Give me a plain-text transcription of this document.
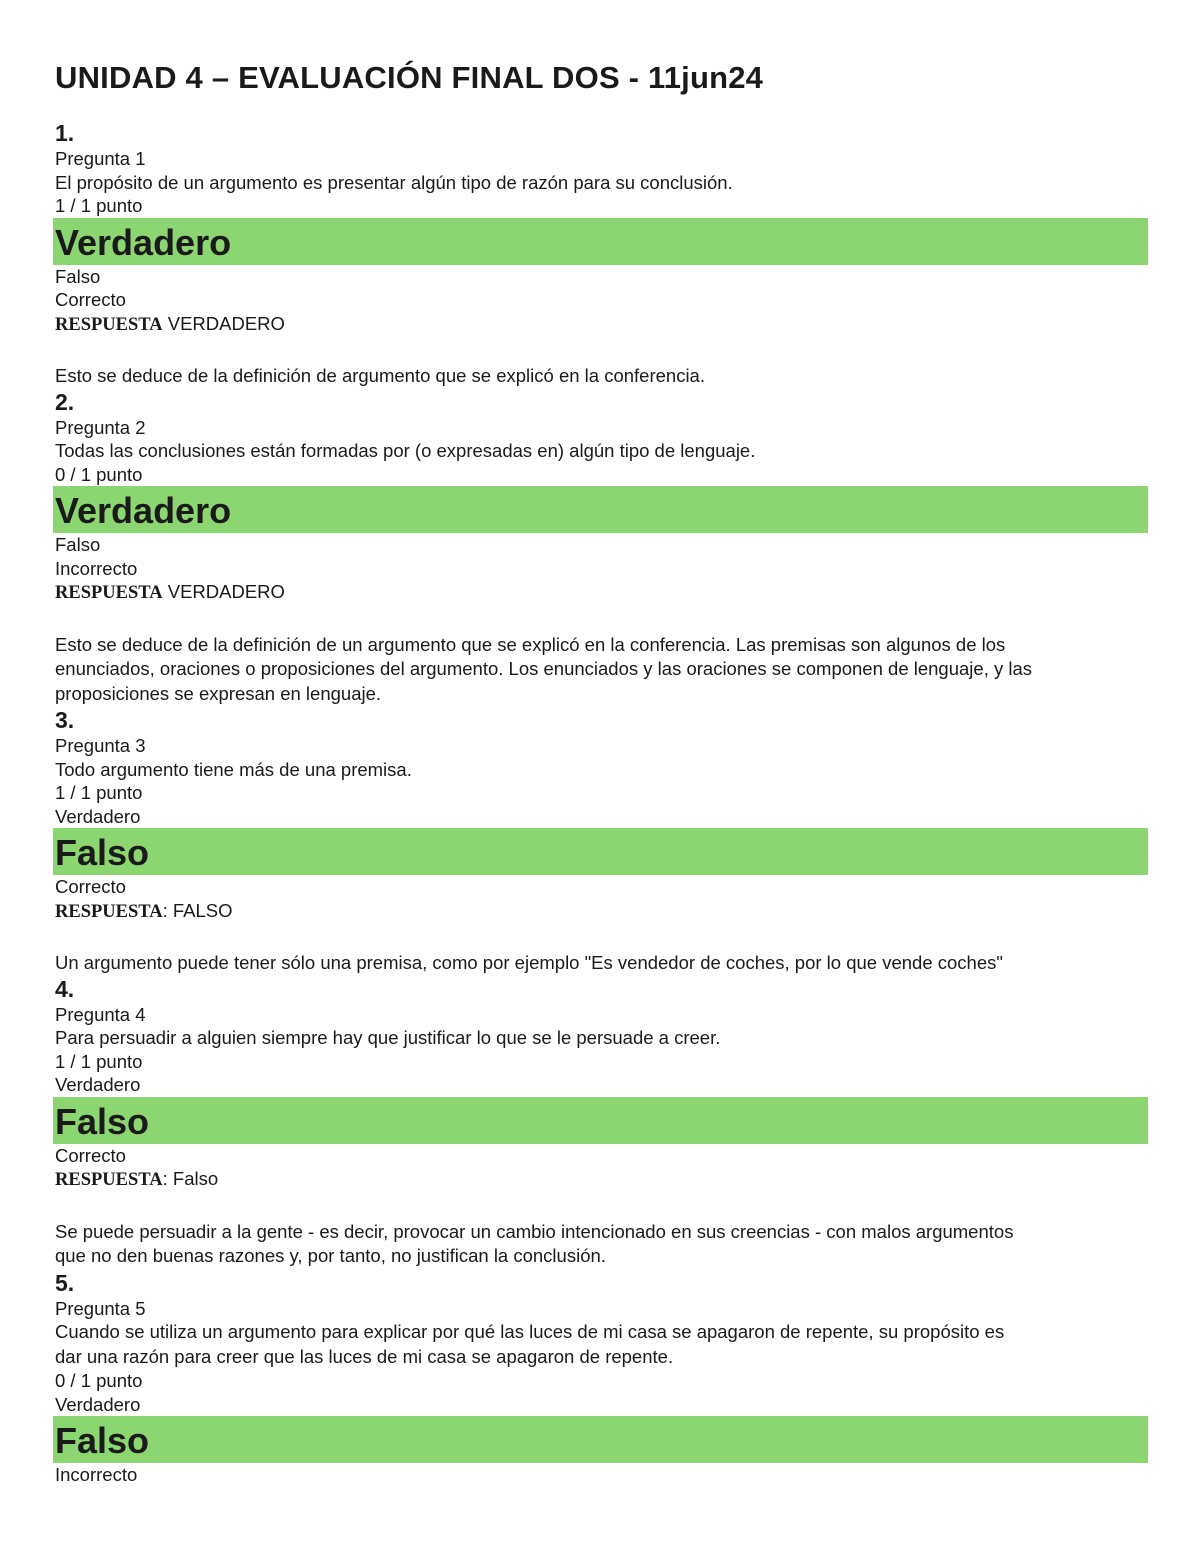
UNIDAD 4 – EVALUACIÓN FINAL DOS - 11jun24
1.
Pregunta 1
El propósito de un argumento es presentar algún tipo de razón para su conclusión.
1 / 1 punto
Verdadero
Falso
Correcto
RESPUESTA VERDADERO
Esto se deduce de la definición de argumento que se explicó en la conferencia.
2.
Pregunta 2
Todas las conclusiones están formadas por (o expresadas en) algún tipo de lenguaje.
0 / 1 punto
Verdadero
Falso
Incorrecto
RESPUESTA VERDADERO
Esto se deduce de la definición de un argumento que se explicó en la conferencia. Las premisas son algunos de los
enunciados, oraciones o proposiciones del argumento. Los enunciados y las oraciones se componen de lenguaje, y las
proposiciones se expresan en lenguaje.
3.
Pregunta 3
Todo argumento tiene más de una premisa.
1 / 1 punto
Verdadero
Falso
Correcto
RESPUESTA: FALSO
Un argumento puede tener sólo una premisa, como por ejemplo "Es vendedor de coches, por lo que vende coches"
4.
Pregunta 4
Para persuadir a alguien siempre hay que justificar lo que se le persuade a creer.
1 / 1 punto
Verdadero
Falso
Correcto
RESPUESTA: Falso
Se puede persuadir a la gente - es decir, provocar un cambio intencionado en sus creencias - con malos argumentos
que no den buenas razones y, por tanto, no justifican la conclusión.
5.
Pregunta 5
Cuando se utiliza un argumento para explicar por qué las luces de mi casa se apagaron de repente, su propósito es
dar una razón para creer que las luces de mi casa se apagaron de repente.
0 / 1 punto
Verdadero
Falso
Incorrecto
